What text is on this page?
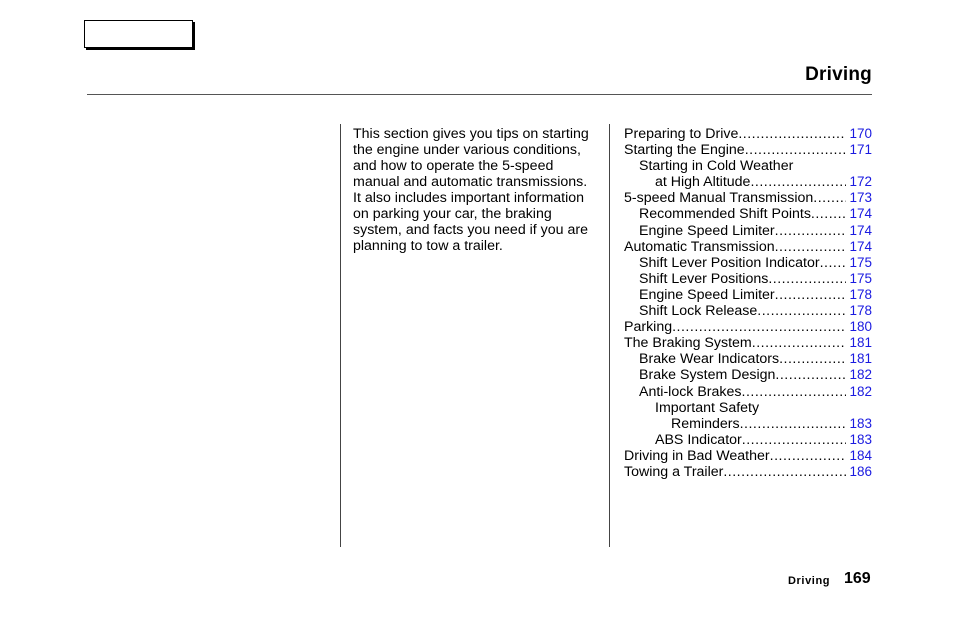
Driving

This section gives you tips on starting the engine under various conditions, and how to operate the 5-speed manual and automatic transmissions. It also includes important information on parking your car, the braking system, and facts you need if you are planning to tow a trailer.

Preparing to Drive .....	170
Starting the Engine .....	171
Starting in Cold Weather
at High Altitude .....	172
5-speed Manual Transmission .....	173
Recommended Shift Points .....	174
Engine Speed Limiter .....	174
Automatic Transmission .....	174
Shift Lever Position Indicator ..... 175
Shift Lever Positions .....	175
Engine Speed Limiter .....	178
Shift Lock Release .....	178
Parking .....	180
The Braking System .....	181
Brake Wear Indicators .....	181
Brake System Design .....	182
Anti-lock Brakes .....	182
Important Safety
Reminders .....	183
ABS Indicator .....	183
Driving in Bad Weather .....	184
Towing a Trailer .....	186
Driving 169
